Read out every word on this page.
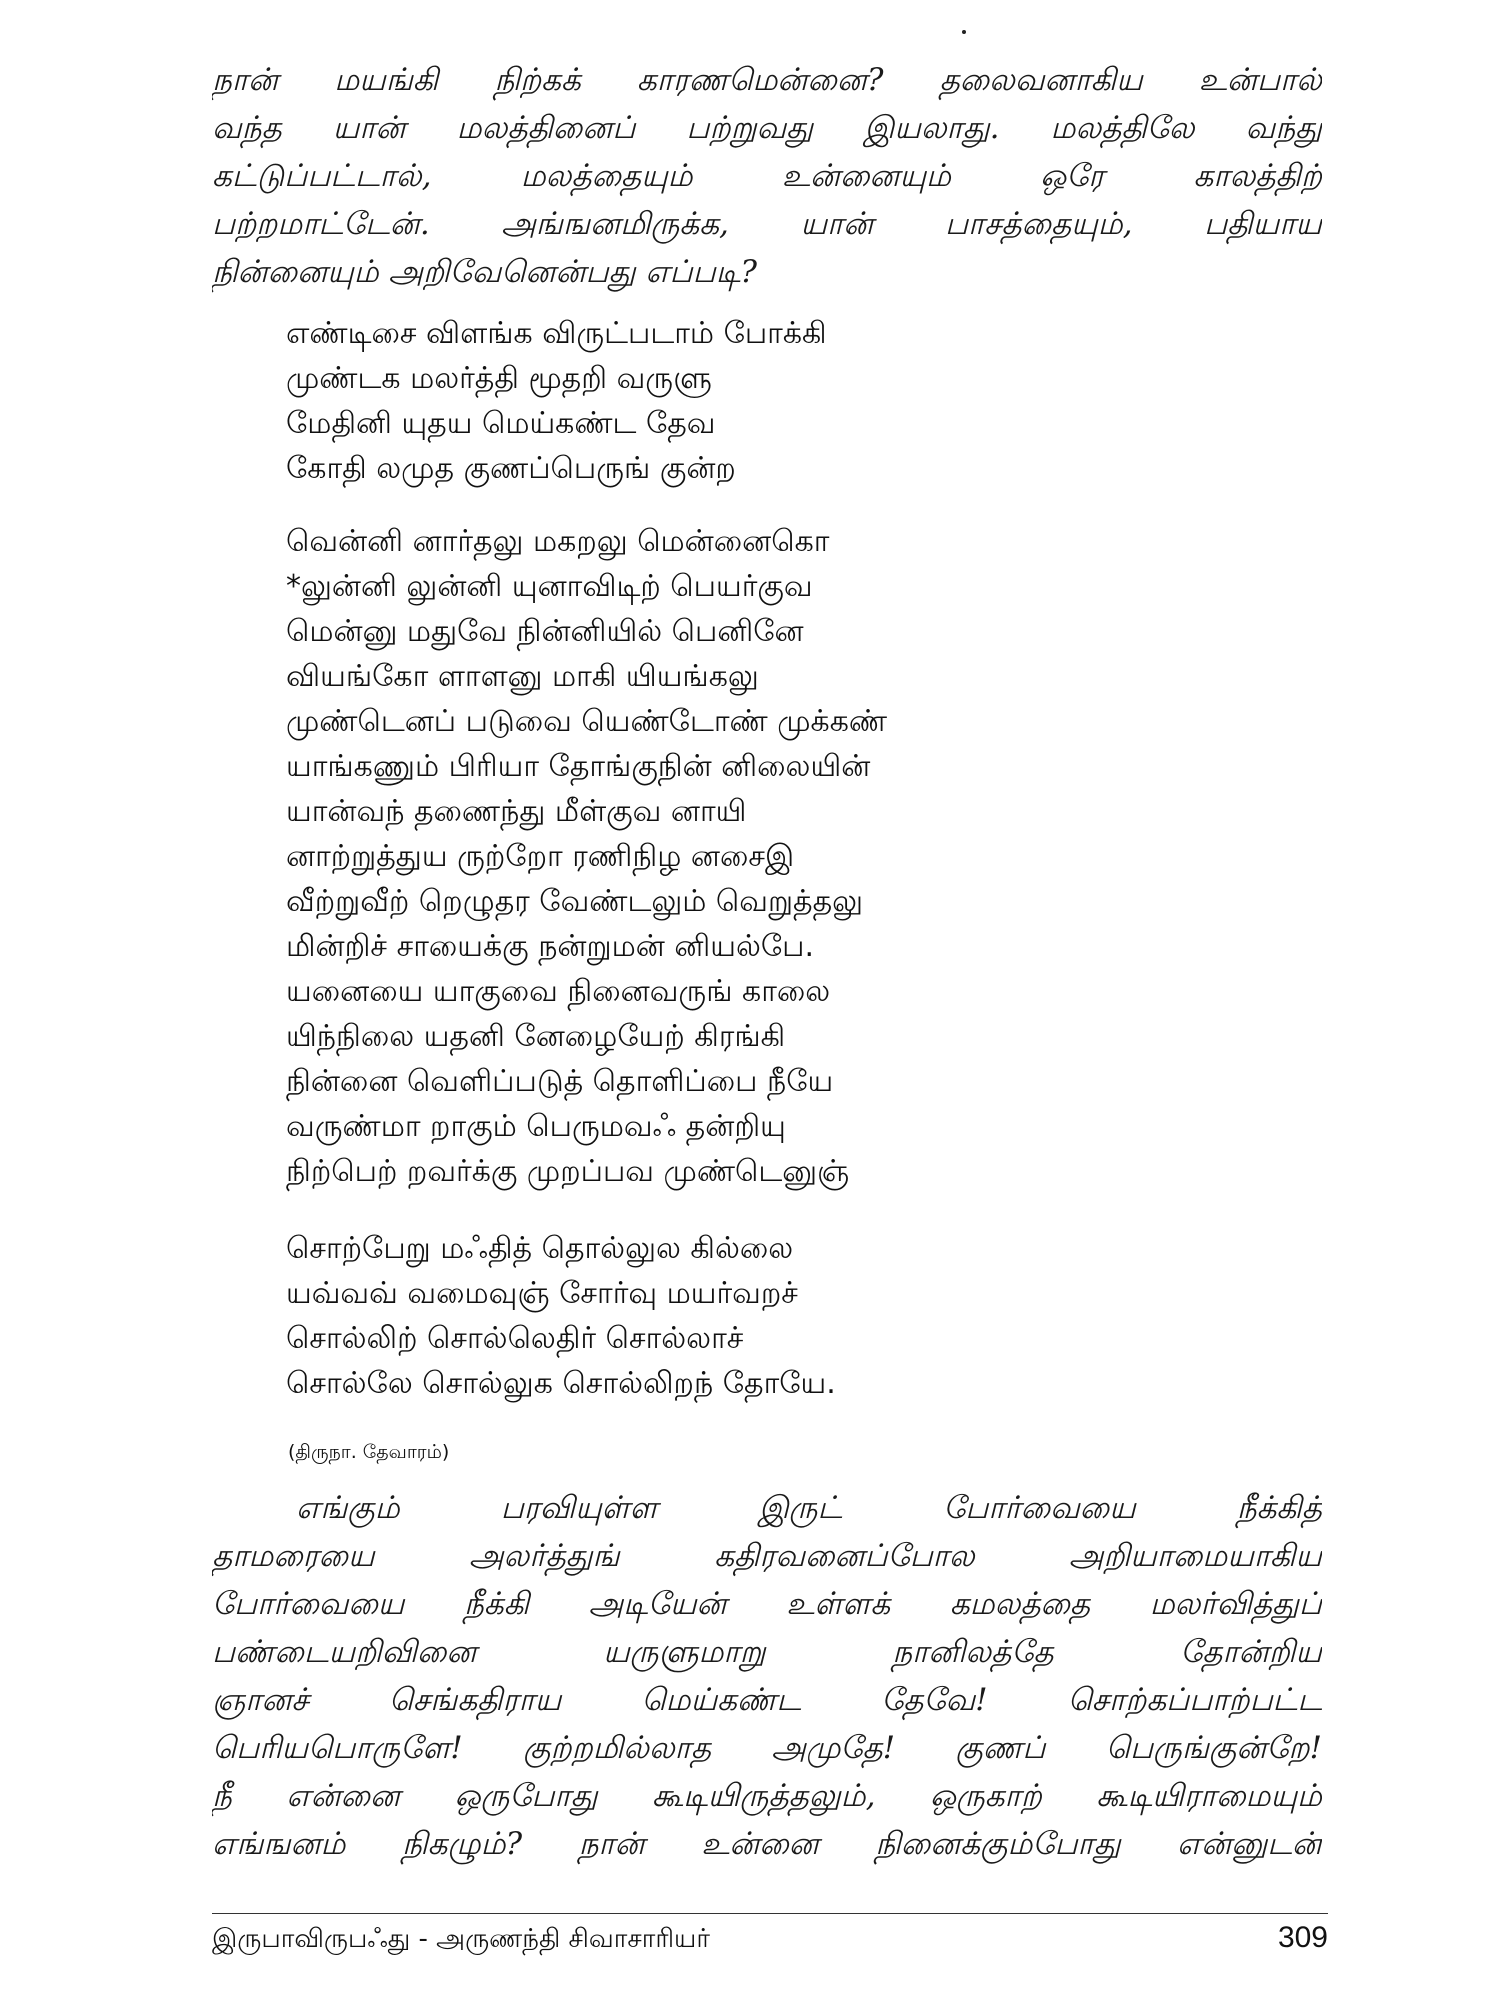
நான் மயங்கி நிற்கக் காரணமென்னை? தலைவனாகிய உன்பால்
வந்த யான் மலத்தினைப் பற்றுவது இயலாது. மலத்திலே வந்து
கட்டுப்பட்டால், மலத்தையும் உன்னையும் ஒரே காலத்திற்
பற்றமாட்டேன். அங்ஙனமிருக்க, யான் பாசத்தையும், பதியாய
நின்னையும் அறிவேனென்பது எப்படி?
எண்டிசை விளங்க விருட்படாம் போக்கி
முண்டக மலர்த்தி மூதறி வருளு
மேதினி யுதய மெய்கண்ட தேவ
கோதி லமுத குணப்பெருங் குன்ற
வென்னி னார்தலு மகறலு மென்னைகொ
*லுன்னி லுன்னி யுனாவிடிற் பெயர்குவ
மென்னு மதுவே நின்னியில் பெனினே
வியங்கோ ளாளனு மாகி யியங்கலு
முண்டெனப் படுவை யெண்டோண் முக்கண்
யாங்கணும் பிரியா தோங்குநின் னிலையின்
யான்வந் தணைந்து மீள்குவ னாயி
னாற்றுத்துய ருற்றோ ரணிநிழ னசைஇ
வீற்றுவீற் றெழுதர வேண்டலும் வெறுத்தலு
மின்றிச் சாயைக்கு நன்றுமன் னியல்பே.
யனையை யாகுவை நினைவருங் காலை
யிந்நிலை யதனி னேழையேற் கிரங்கி
நின்னை வெளிப்படுத் தொளிப்பை நீயே
வருண்மா றாகும் பெருமவஃ தன்றியு
நிற்பெற் றவர்க்கு முறப்பவ முண்டெனுஞ்
சொற்பேறு மஃதித் தொல்லுல கில்லை
யவ்வவ் வமைவுஞ் சோர்வு மயர்வறச்
சொல்லிற் சொல்லெதிர் சொல்லாச்
சொல்லே சொல்லுக சொல்லிறந் தோயே.
(திருநா. தேவாரம்)
எங்கும் பரவியுள்ள இருட் போர்வையை நீக்கித்
தாமரையை அலர்த்துங் கதிரவனைப்போல அறியாமையாகிய
போர்வையை நீக்கி அடியேன் உள்ளக் கமலத்தை மலர்வித்துப்
பண்டையறிவினை யருளுமாறு நானிலத்தே தோன்றிய
ஞானச் செங்கதிராய மெய்கண்ட தேவே! சொற்கப்பாற்பட்ட
பெரியபொருளே! குற்றமில்லாத அமுதே! குணப் பெருங்குன்றே!
நீ என்னை ஒருபோது கூடியிருத்தலும், ஒருகாற் கூடியிராமையும்
எங்ஙனம் நிகழும்? நான் உன்னை நினைக்கும்போது என்னுடன்
இருபாவிருபஃது - அருணந்தி சிவாசாரியர்	309
